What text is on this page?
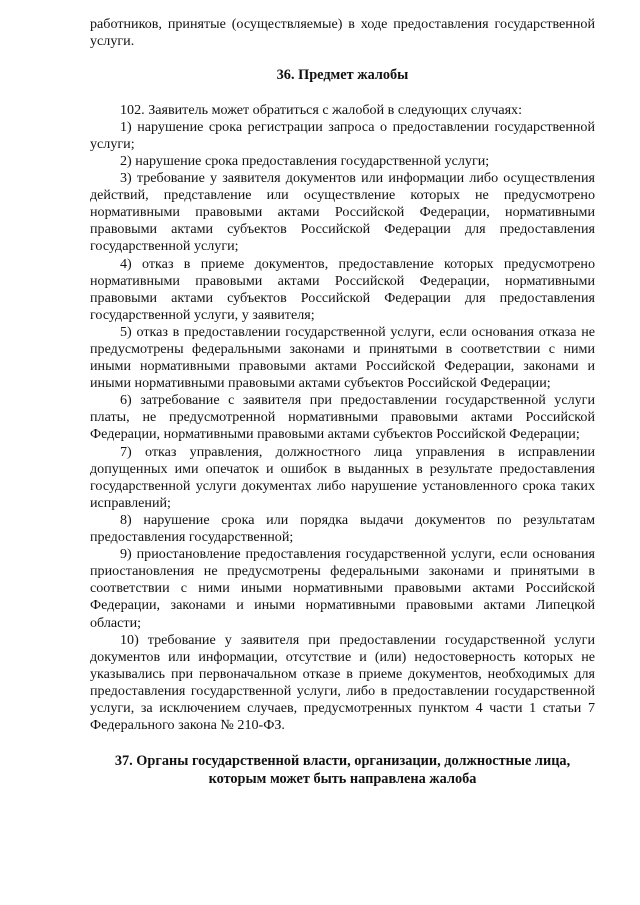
работников, принятые (осуществляемые) в ходе предоставления государственной услуги.

36. Предмет жалобы

102. Заявитель может обратиться с жалобой в следующих случаях:

1) нарушение срока регистрации запроса о предоставлении государственной услуги;

2) нарушение срока предоставления государственной услуги;

3) требование у заявителя документов или информации либо осуществления действий, представление или осуществление которых не предусмотрено нормативными правовыми актами Российской Федерации, нормативными правовыми актами субъектов Российской Федерации для предоставления государственной услуги;

4) отказ в приеме документов, предоставление которых предусмотрено нормативными правовыми актами Российской Федерации, нормативными правовыми актами субъектов Российской Федерации для предоставления государственной услуги, у заявителя;

5) отказ в предоставлении государственной услуги, если основания отказа не предусмотрены федеральными законами и принятыми в соответствии с ними иными нормативными правовыми актами Российской Федерации, законами и иными нормативными правовыми актами субъектов Российской Федерации;

6) затребование с заявителя при предоставлении государственной услуги платы, не предусмотренной нормативными правовыми актами Российской Федерации, нормативными правовыми актами субъектов Российской Федерации;

7) отказ управления, должностного лица управления в исправлении допущенных ими опечаток и ошибок в выданных в результате предоставления государственной услуги документах либо нарушение установленного срока таких исправлений;

8) нарушение срока или порядка выдачи документов по результатам предоставления государственной;

9) приостановление предоставления государственной услуги, если основания приостановления не предусмотрены федеральными законами и принятыми в соответствии с ними иными нормативными правовыми актами Российской Федерации, законами и иными нормативными правовыми актами Липецкой области;

10) требование у заявителя при предоставлении государственной услуги документов или информации, отсутствие и (или) недостоверность которых не указывались при первоначальном отказе в приеме документов, необходимых для предоставления государственной услуги, либо в предоставлении государственной услуги, за исключением случаев, предусмотренных пунктом 4 части 1 статьи 7 Федерального закона № 210-ФЗ.

37. Органы государственной власти, организации, должностные лица, которым может быть направлена жалоба
